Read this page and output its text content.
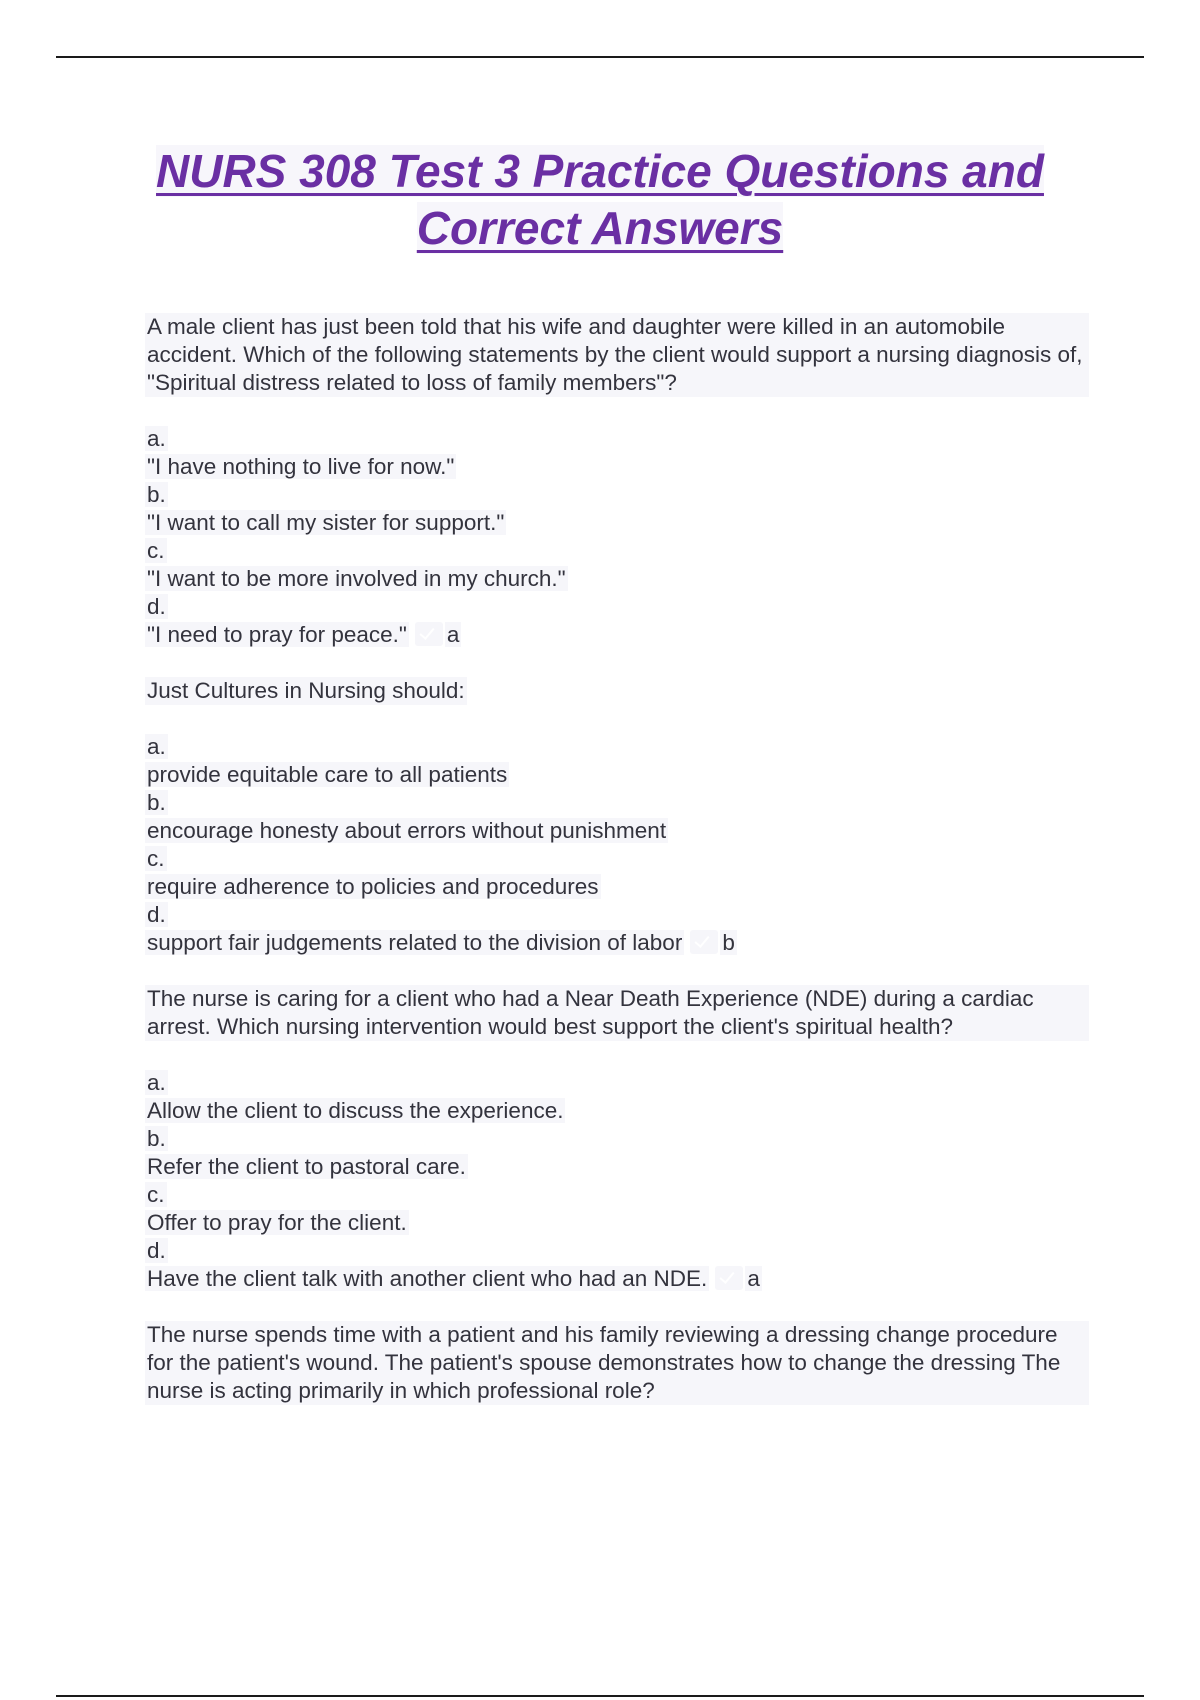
NURS 308 Test 3 Practice Questions and
Correct Answers
A male client has just been told that his wife and daughter were killed in an automobile accident. Which of the following statements by the client would support a nursing diagnosis of, "Spiritual distress related to loss of family members"?
a.
"I have nothing to live for now."
b.
"I want to call my sister for support."
c.
"I want to be more involved in my church."
d.
"I need to pray for peace." a
Just Cultures in Nursing should:
a.
provide equitable care to all patients
b.
encourage honesty about errors without punishment
c.
require adherence to policies and procedures
d.
support fair judgements related to the division of labor b
The nurse is caring for a client who had a Near Death Experience (NDE) during a cardiac arrest. Which nursing intervention would best support the client's spiritual health?
a.
Allow the client to discuss the experience.
b.
Refer the client to pastoral care.
c.
Offer to pray for the client.
d.
Have the client talk with another client who had an NDE. a
The nurse spends time with a patient and his family reviewing a dressing change procedure for the patient's wound. The patient's spouse demonstrates how to change the dressing The nurse is acting primarily in which professional role?
